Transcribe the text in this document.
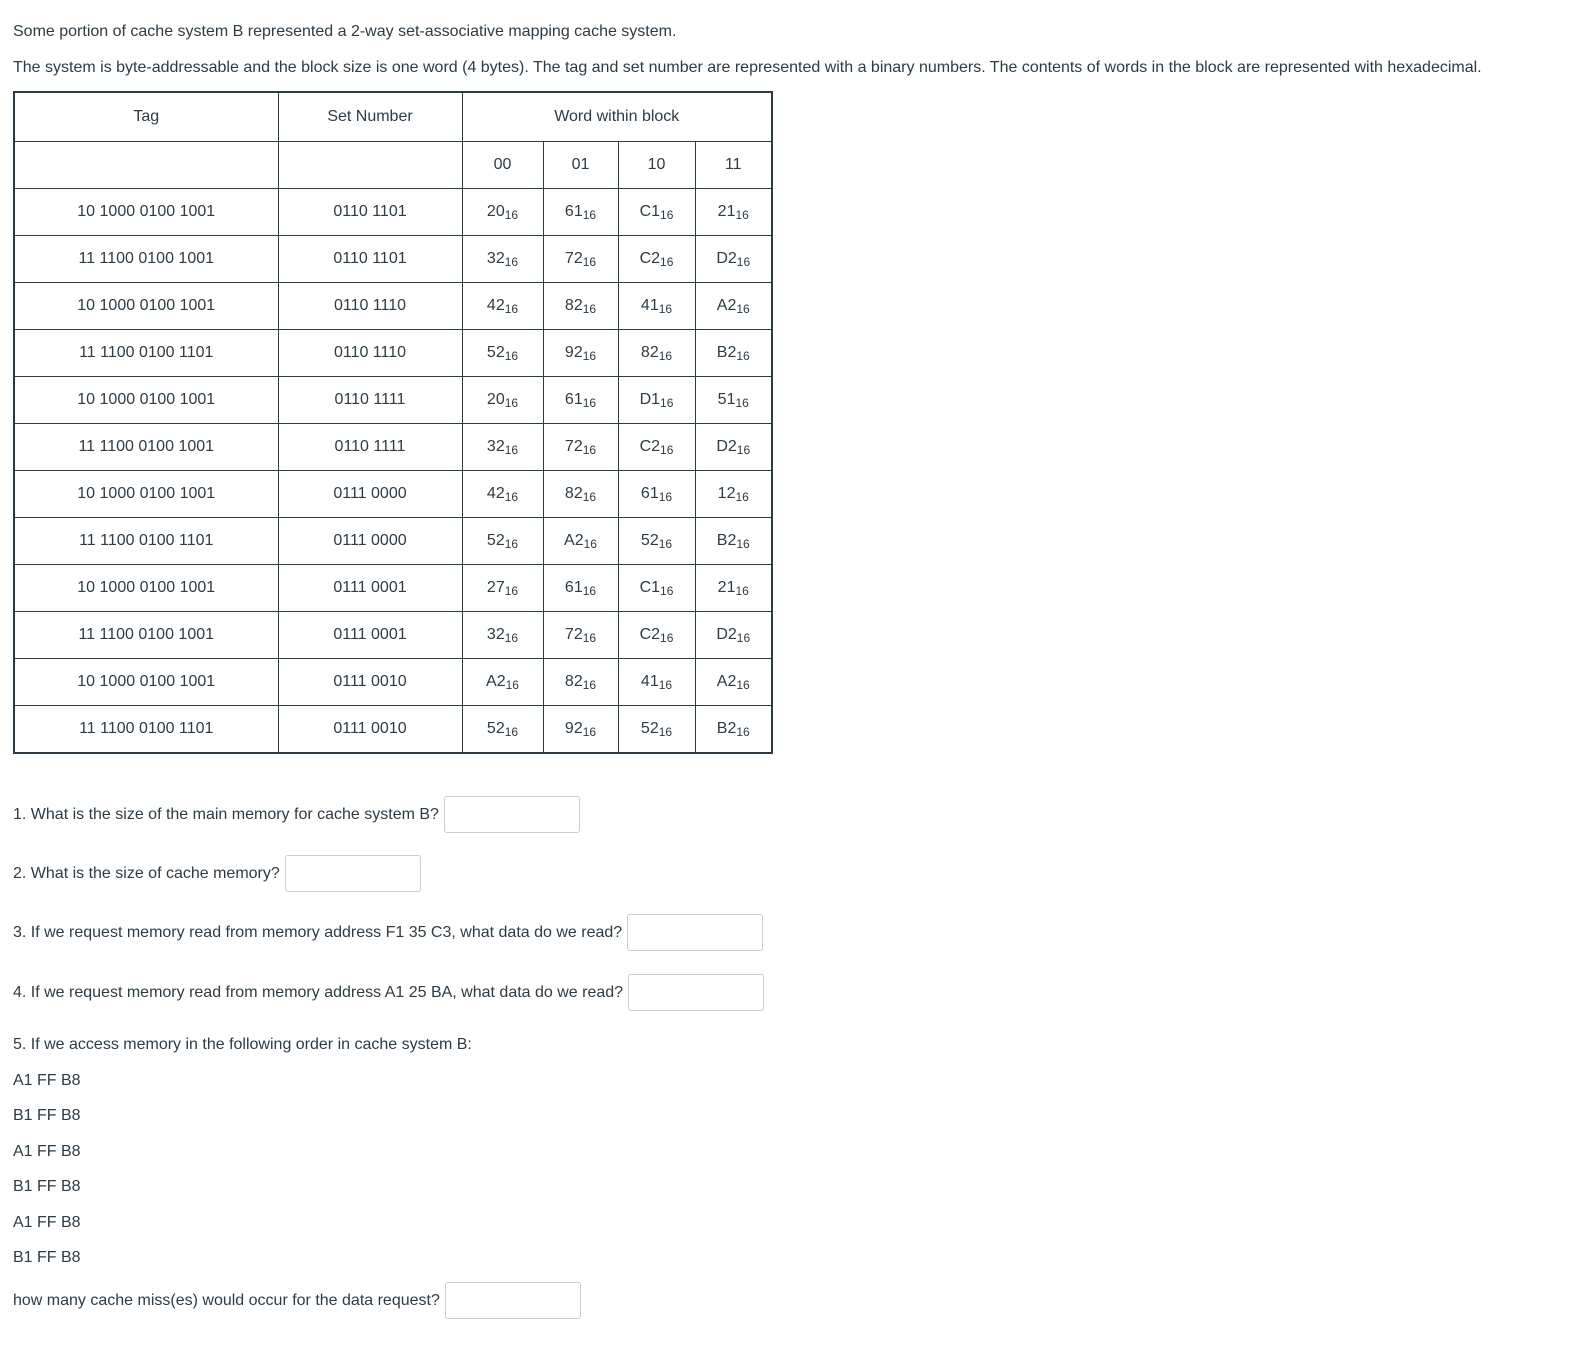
Some portion of cache system B represented a 2-way set-associative mapping cache system.
The system is byte-addressable and the block size is one word (4 bytes). The tag and set number are represented with a binary numbers. The contents of words in the block are represented with hexadecimal.
Tag	Set Number	Word within block			
		00	01	10	11
10 1000 0100 1001	0110 1101	$20_{16}$	$61_{16}$	$C1_{16}$	$21_{16}$
11 1100 0100 1001	0110 1101	$32_{16}$	$72_{16}$	$C2_{16}$	$D2_{16}$
10 1000 0100 1001	0110 1110	$42_{16}$	$82_{16}$	$41_{16}$	$A2_{16}$
11 1100 0100 1101	0110 1110	$52_{16}$	$92_{16}$	$82_{16}$	$B2_{16}$
10 1000 0100 1001	0110 1111	$20_{16}$	$61_{16}$	$D1_{16}$	$51_{16}$
11 1100 0100 1001	0110 1111	$32_{16}$	$72_{16}$	$C2_{16}$	$D2_{16}$
10 1000 0100 1001	0111 0000	$42_{16}$	$82_{16}$	$61_{16}$	$12_{16}$
11 1100 0100 1101	0111 0000	$52_{16}$	$A2_{16}$	$52_{16}$	$B2_{16}$
10 1000 0100 1001	0111 0001	$27_{16}$	$61_{16}$	$C1_{16}$	$21_{16}$
11 1100 0100 1001	0111 0001	$32_{16}$	$72_{16}$	$C2_{16}$	$D2_{16}$
10 1000 0100 1001	0111 0010	$A2_{16}$	$82_{16}$	$41_{16}$	$A2_{16}$
11 1100 0100 1101	0111 0010	$52_{16}$	$92_{16}$	$52_{16}$	$B2_{16}$
1. What is the size of the main memory for cache system B?
2. What is the size of cache memory?
3. If we request memory read from memory address F1 35 C3, what data do we read?
4. If we request memory read from memory address A1 25 BA, what data do we read?
5. If we access memory in the following order in cache system B:
A1 FF B8
B1 FF B8
A1 FF B8
B1 FF B8
A1 FF B8
B1 FF B8
how many cache miss(es) would occur for the data request?
